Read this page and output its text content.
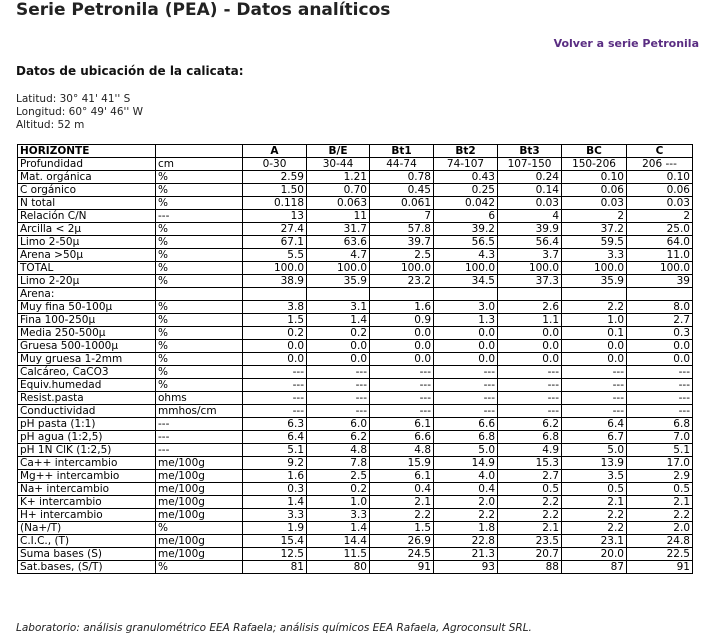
Serie Petronila (PEA) - Datos analíticos
Volver a serie Petronila
Datos de ubicación de la calicata:
Latitud: 30° 41' 41'' S
Longitud: 60° 49' 46'' W
Altitud: 52 m
HORIZONTE		A	B/E	Bt1	Bt2	Bt3	BC	C
Profundidad	cm	0-30	30-44	44-74	74-107	107-150	150-206	206 ---
Mat. orgánica	%	2.59	1.21	0.78	0.43	0.24	0.10	0.10
C orgánico	%	1.50	0.70	0.45	0.25	0.14	0.06	0.06
N total	%	0.118	0.063	0.061	0.042	0.03	0.03	0.03
Relación C/N	---	13	11	7	6	4	2	2
Arcilla < 2µ	%	27.4	31.7	57.8	39.2	39.9	37.2	25.0
Limo 2-50µ	%	67.1	63.6	39.7	56.5	56.4	59.5	64.0
Arena >50µ	%	5.5	4.7	2.5	4.3	3.7	3.3	11.0
TOTAL	%	100.0	100.0	100.0	100.0	100.0	100.0	100.0
Limo 2-20µ	%	38.9	35.9	23.2	34.5	37.3	35.9	39
Arena:								
Muy fina 50-100µ	%	3.8	3.1	1.6	3.0	2.6	2.2	8.0
Fina 100-250µ	%	1.5	1.4	0.9	1.3	1.1	1.0	2.7
Media 250-500µ	%	0.2	0.2	0.0	0.0	0.0	0.1	0.3
Gruesa 500-1000µ	%	0.0	0.0	0.0	0.0	0.0	0.0	0.0
Muy gruesa 1-2mm	%	0.0	0.0	0.0	0.0	0.0	0.0	0.0
Calcáreo, CaCO3	%	---	---	---	---	---	---	---
Equiv.humedad	%	---	---	---	---	---	---	---
Resist.pasta	ohms	---	---	---	---	---	---	---
Conductividad	mmhos/cm	---	---	---	---	---	---	---
pH pasta (1:1)	---	6.3	6.0	6.1	6.6	6.2	6.4	6.8
pH agua (1:2,5)	---	6.4	6.2	6.6	6.8	6.8	6.7	7.0
pH 1N ClK (1:2,5)	---	5.1	4.8	4.8	5.0	4.9	5.0	5.1
Ca++ intercambio	me/100g	9.2	7.8	15.9	14.9	15.3	13.9	17.0
Mg++ intercambio	me/100g	1.6	2.5	6.1	4.0	2.7	3.5	2.9
Na+ intercambio	me/100g	0.3	0.2	0.4	0.4	0.5	0.5	0.5
K+ intercambio	me/100g	1.4	1.0	2.1	2.0	2.2	2.1	2.1
H+ intercambio	me/100g	3.3	3.3	2.2	2.2	2.2	2.2	2.2
(Na+/T)	%	1.9	1.4	1.5	1.8	2.1	2.2	2.0
C.I.C., (T)	me/100g	15.4	14.4	26.9	22.8	23.5	23.1	24.8
Suma bases (S)	me/100g	12.5	11.5	24.5	21.3	20.7	20.0	22.5
Sat.bases, (S/T)	%	81	80	91	93	88	87	91
Laboratorio: análisis granulométrico EEA Rafaela; análisis químicos EEA Rafaela, Agroconsult SRL.
